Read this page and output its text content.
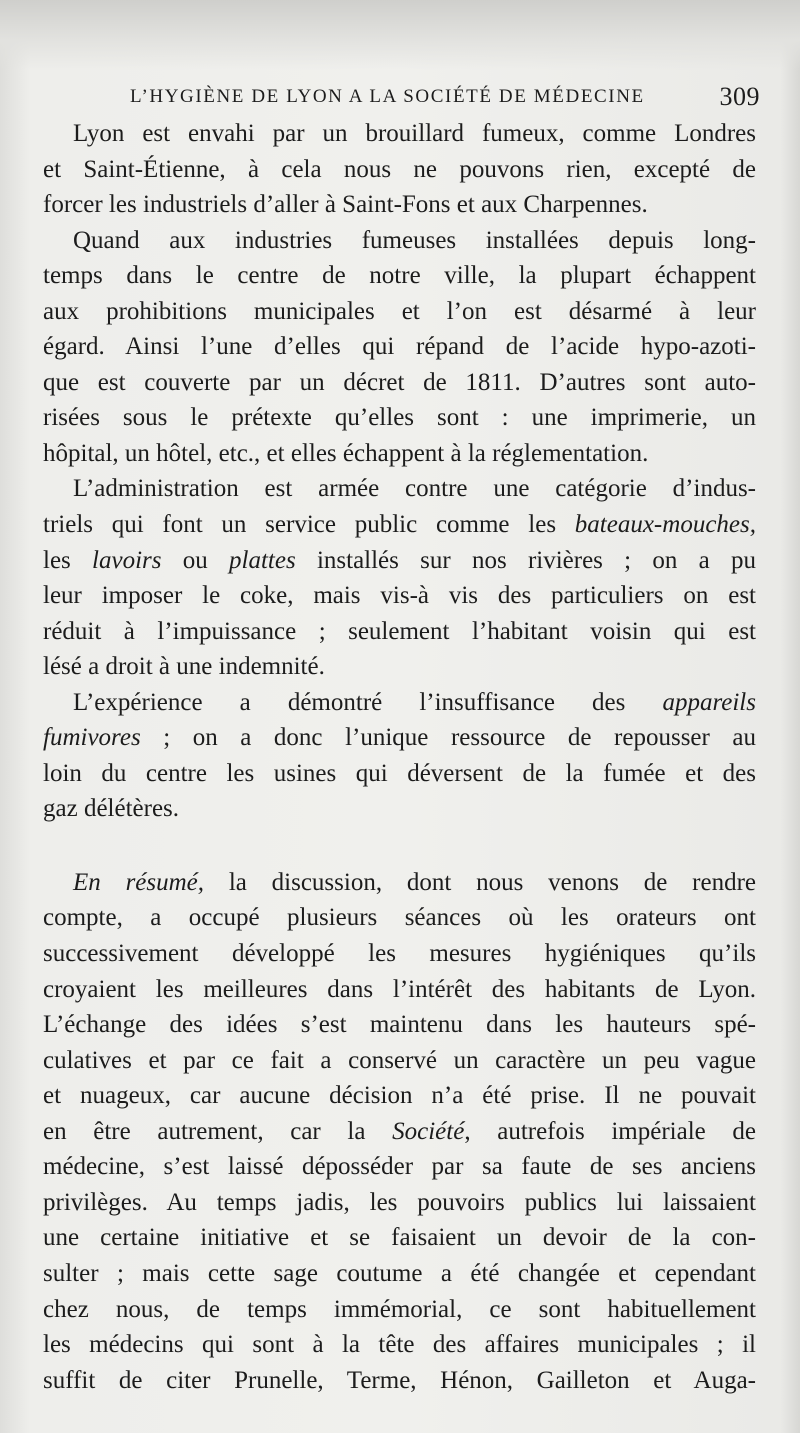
L’HYGIÈNE DE LYON A LA SOCIÉTÉ DE MÉDECINE	309
Lyon est envahi par un brouillard fumeux, comme Londres
et Saint-Étienne, à cela nous ne pouvons rien, excepté de
forcer les industriels d’aller à Saint-Fons et aux Charpennes.
Quand aux industries fumeuses installées depuis long-
temps dans le centre de notre ville, la plupart échappent
aux prohibitions municipales et l’on est désarmé à leur
égard. Ainsi l’une d’elles qui répand de l’acide hypo-azoti-
que est couverte par un décret de 1811. D’autres sont auto-
risées sous le prétexte qu’elles sont : une imprimerie, un
hôpital, un hôtel, etc., et elles échappent à la réglementation.
L’administration est armée contre une catégorie d’indus-
triels qui font un service public comme les bateaux-mouches,
les lavoirs ou plattes installés sur nos rivières ; on a pu
leur imposer le coke, mais vis-à vis des particuliers on est
réduit à l’impuissance ; seulement l’habitant voisin qui est
lésé a droit à une indemnité.
L’expérience a démontré l’insuffisance des appareils
fumivores ; on a donc l’unique ressource de repousser au
loin du centre les usines qui déversent de la fumée et des
gaz délétères.
En résumé, la discussion, dont nous venons de rendre
compte, a occupé plusieurs séances où les orateurs ont
successivement développé les mesures hygiéniques qu’ils
croyaient les meilleures dans l’intérêt des habitants de Lyon.
L’échange des idées s’est maintenu dans les hauteurs spé-
culatives et par ce fait a conservé un caractère un peu vague
et nuageux, car aucune décision n’a été prise. Il ne pouvait
en être autrement, car la Société, autrefois impériale de
médecine, s’est laissé déposséder par sa faute de ses anciens
privilèges. Au temps jadis, les pouvoirs publics lui laissaient
une certaine initiative et se faisaient un devoir de la con-
sulter ; mais cette sage coutume a été changée et cependant
chez nous, de temps immémorial, ce sont habituellement
les médecins qui sont à la tête des affaires municipales ; il
suffit de citer Prunelle, Terme, Hénon, Gailleton et Auga-
